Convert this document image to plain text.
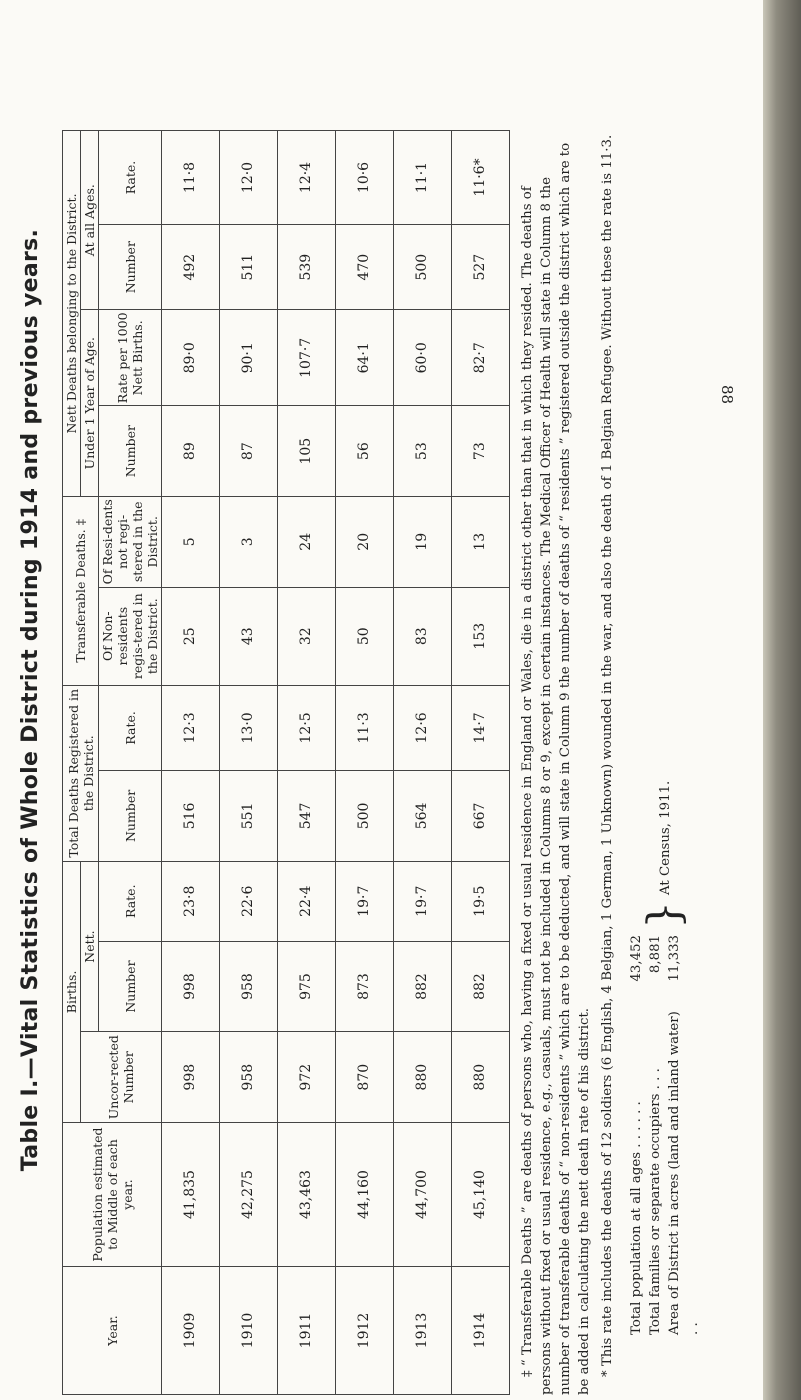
88
Table I.—Vital Statistics of Whole District during 1914 and previous years.
Year.	Population estimated to Middle of each year.	Births.			Total Deaths Registered in the District.		Transferable Deaths. ‡		Nett Deaths belonging to the District.			
		Uncor-rected Number	Nett.						Under 1 Year of Age.		At all Ages.	
			Number	Rate.	Number	Rate.	Of Non-residents regis-tered in the District.	Of Resi-dents not regi-stered in the District.	Number	Rate per 1000 Nett Births.	Number	Rate.
1909	41,835	998	998	23·8	516	12·3	25	5	89	89·0	492	11·8
1910	42,275	958	958	22·6	551	13·0	43	3	87	90·1	511	12·0
1911	43,463	972	975	22·4	547	12·5	32	24	105	107·7	539	12·4
1912	44,160	870	873	19·7	500	11·3	50	20	56	64·1	470	10·6
1913	44,700	880	882	19·7	564	12·6	83	19	53	60·0	500	11·1
1914	45,140	880	882	19·5	667	14·7	153	13	73	82·7	527	11·6*

‡ “ Transferable Deaths ” are deaths of persons who, having a fixed or usual residence in England or Wales, die in a district other than that in which they resided. The deaths of persons without fixed or usual residence, e.g., casuals, must not be included in Columns 8 or 9, except in certain instances. The Medical Officer of Health will state in Column 8 the number of transferable deaths of “ non-residents ” which are to be deducted, and will state in Column 9 the number of deaths of “ residents ” registered outside the district which are to be added in calculating the nett death rate of his district. * This rate includes the deaths of 12 soldiers (6 English, 4 Belgian, 1 German, 1 Unknown) wounded in the war, and also the death of 1 Belgian Refugee. Without these the rate is 11·3. Total population at all ages . . . . . .
43,452
Total families or separate occupiers . . .
8,881
Area of District in acres (land and inland water) . .
11,333
}
At Census, 1911.
